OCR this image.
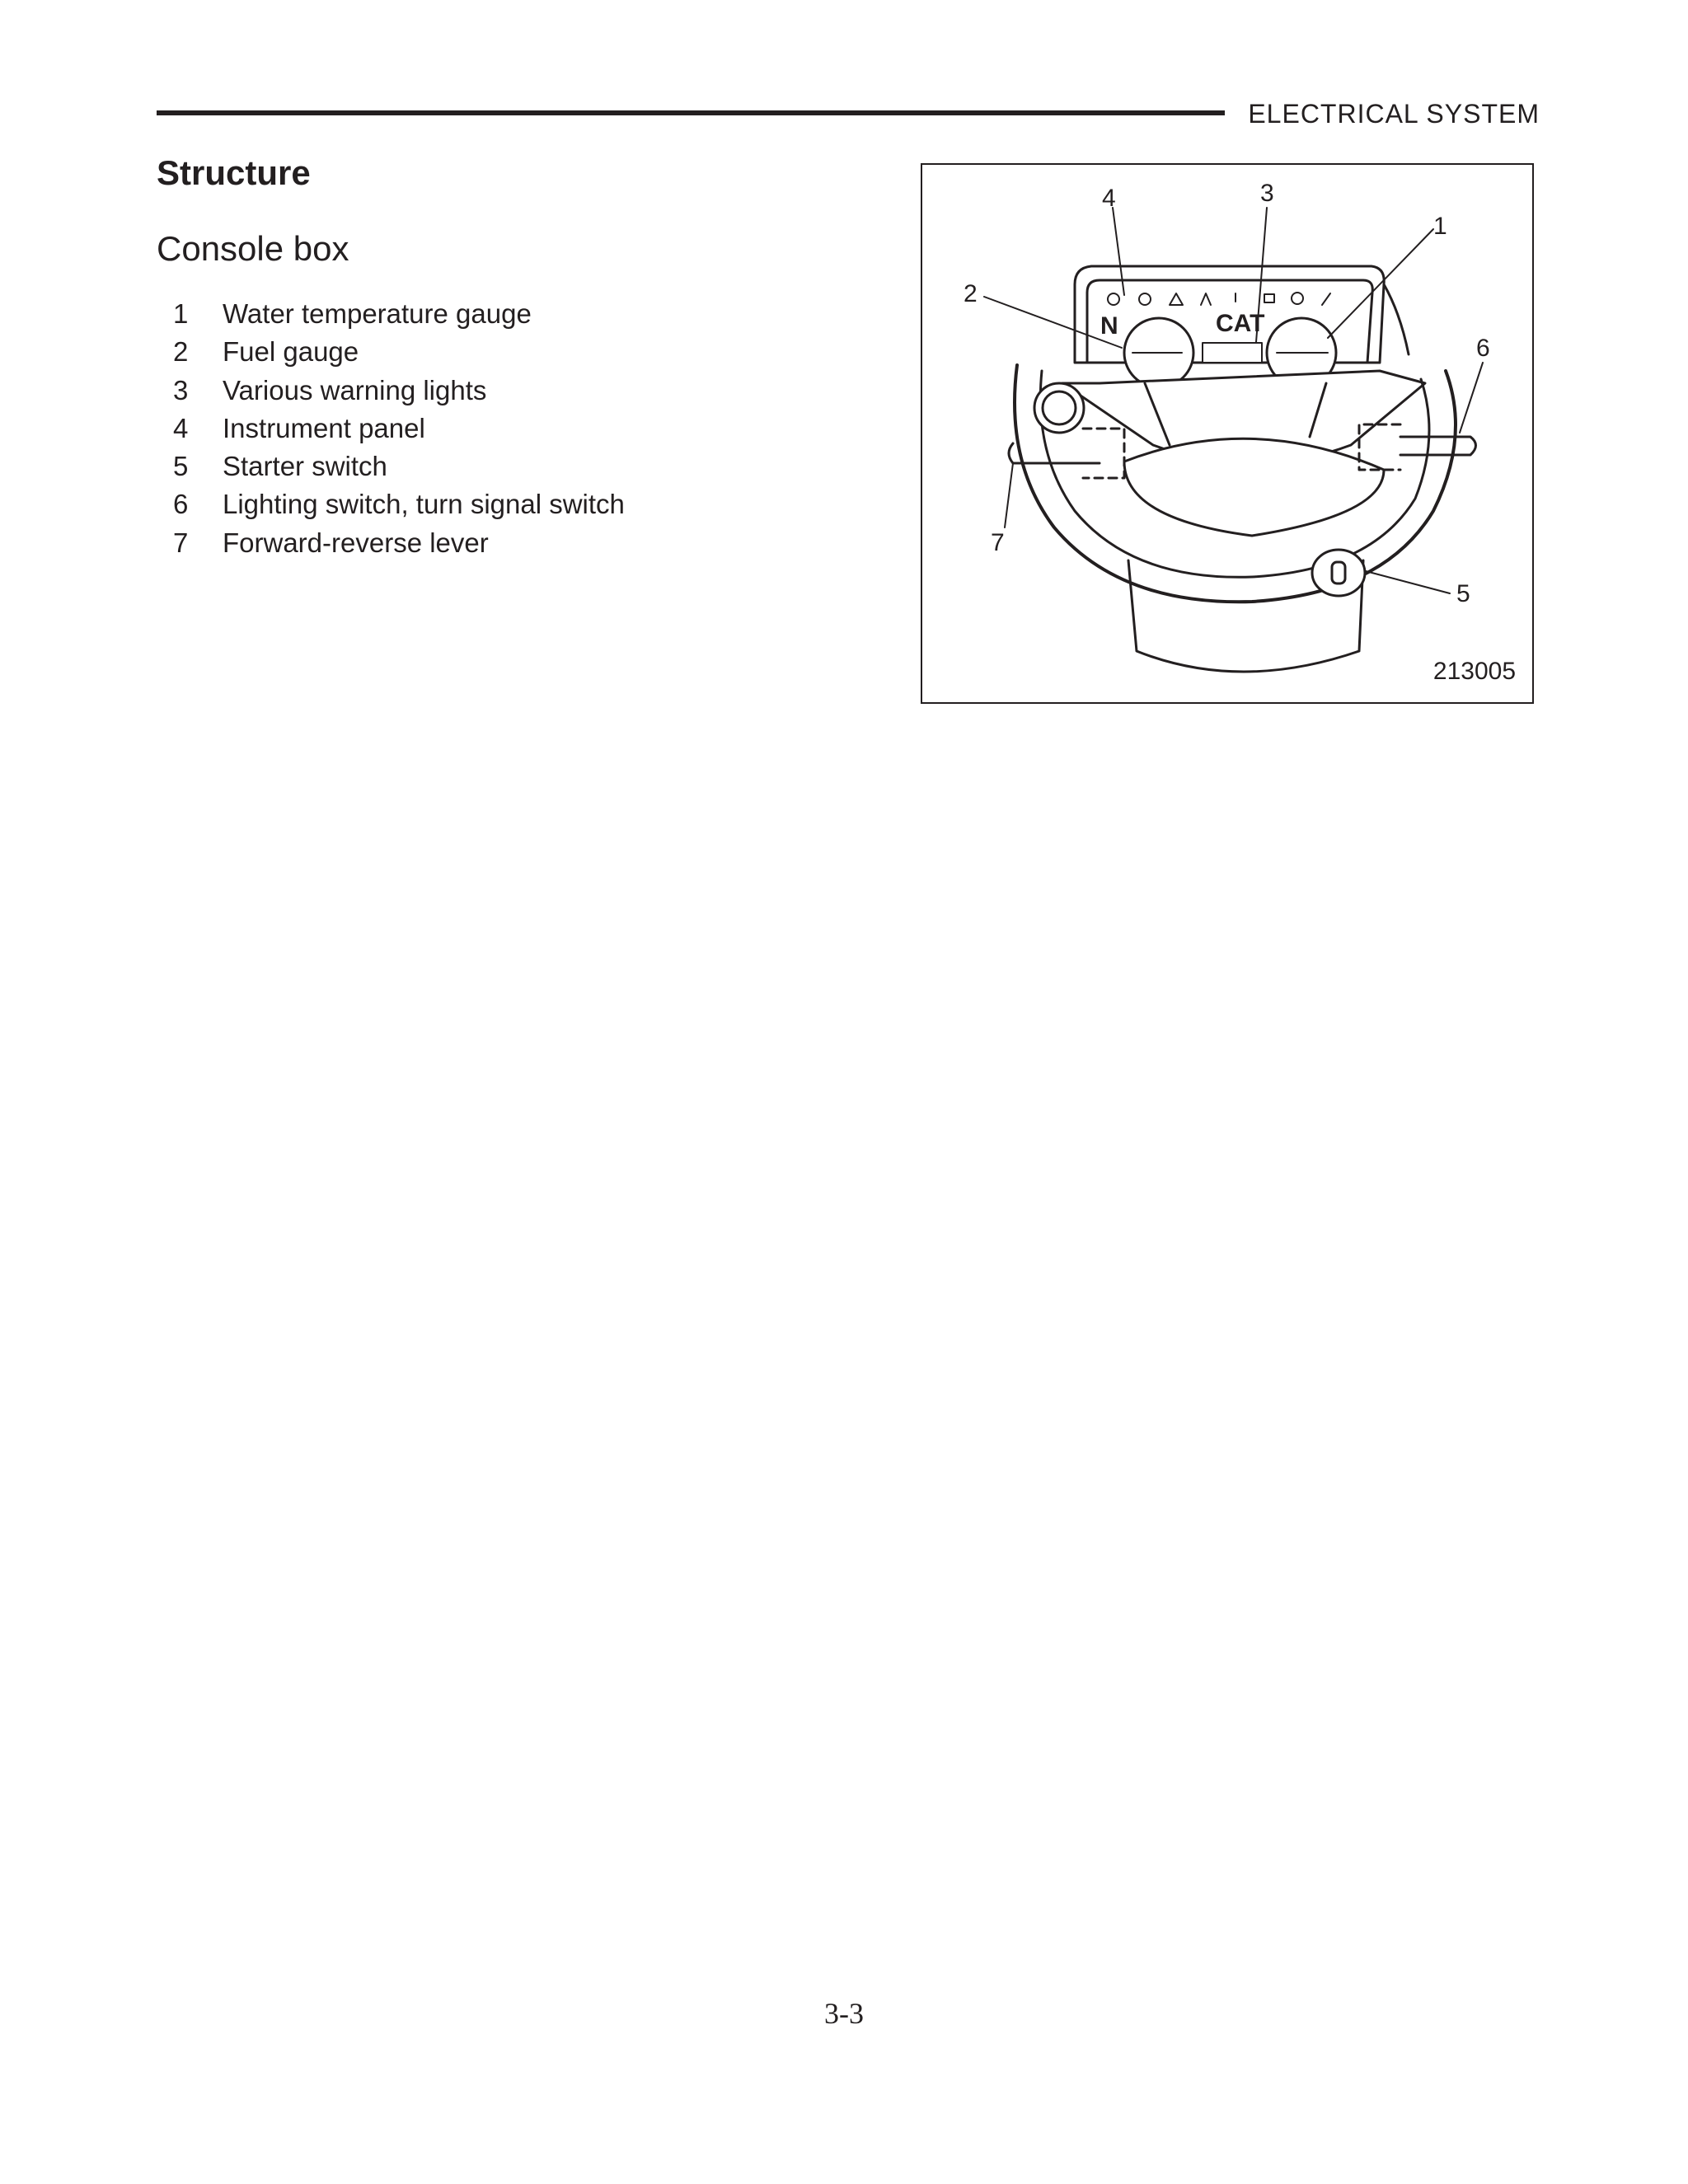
ELECTRICAL SYSTEM
Structure
Console box
1	Water temperature gauge
2	Fuel gauge
3	Various warning lights
4	Instrument panel
5	Starter switch
6	Lighting switch, turn signal switch
7	Forward-reverse lever
N	CAT
4	3
1
2
6
7
5
213005
3-3
